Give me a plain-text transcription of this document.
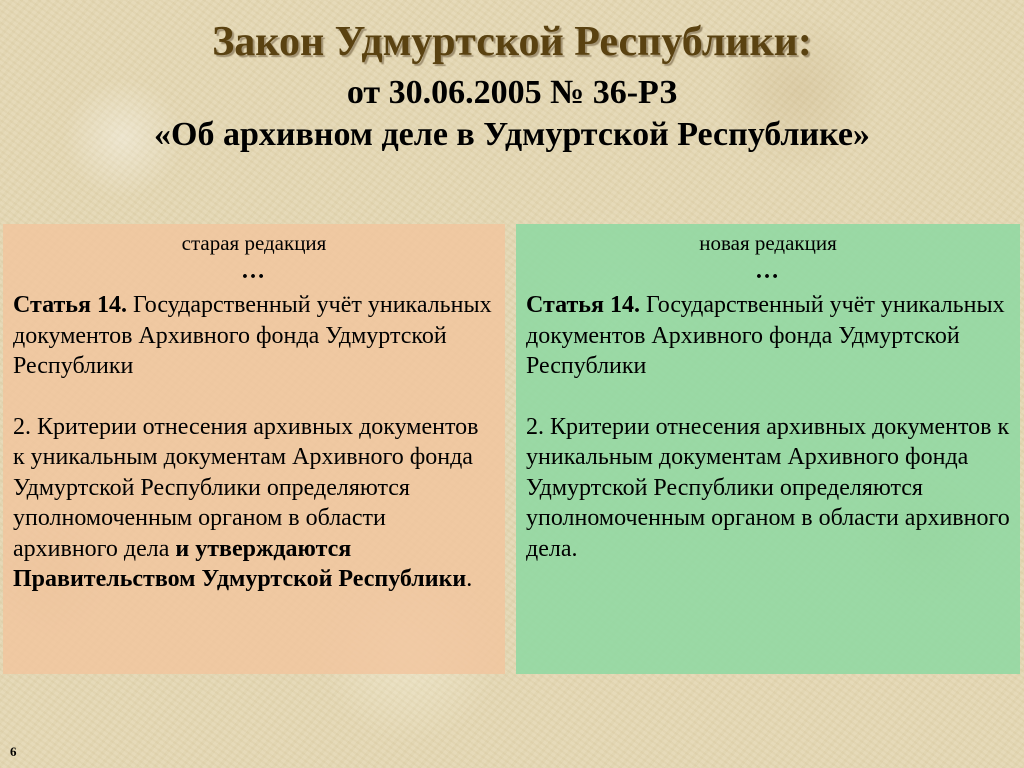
Закон Удмуртской Республики:
от 30.06.2005 № 36-РЗ
«Об архивном деле в Удмуртской Республике»
старая редакция
…

Статья 14. Государственный учёт уникальных документов Архивного фонда Удмуртской Республики

2. Критерии отнесения архивных документов к уникальным документам Архивного фонда Удмуртской Республики определяются уполномоченным органом в области архивного дела и утверждаются Правительством Удмуртской Республики.

новая редакция
…

Статья 14. Государственный учёт уникальных документов Архивного фонда Удмуртской Республики

2. Критерии отнесения архивных документов к уникальным документам Архивного фонда Удмуртской Республики определяются уполномоченным органом в области архивного дела.

6
